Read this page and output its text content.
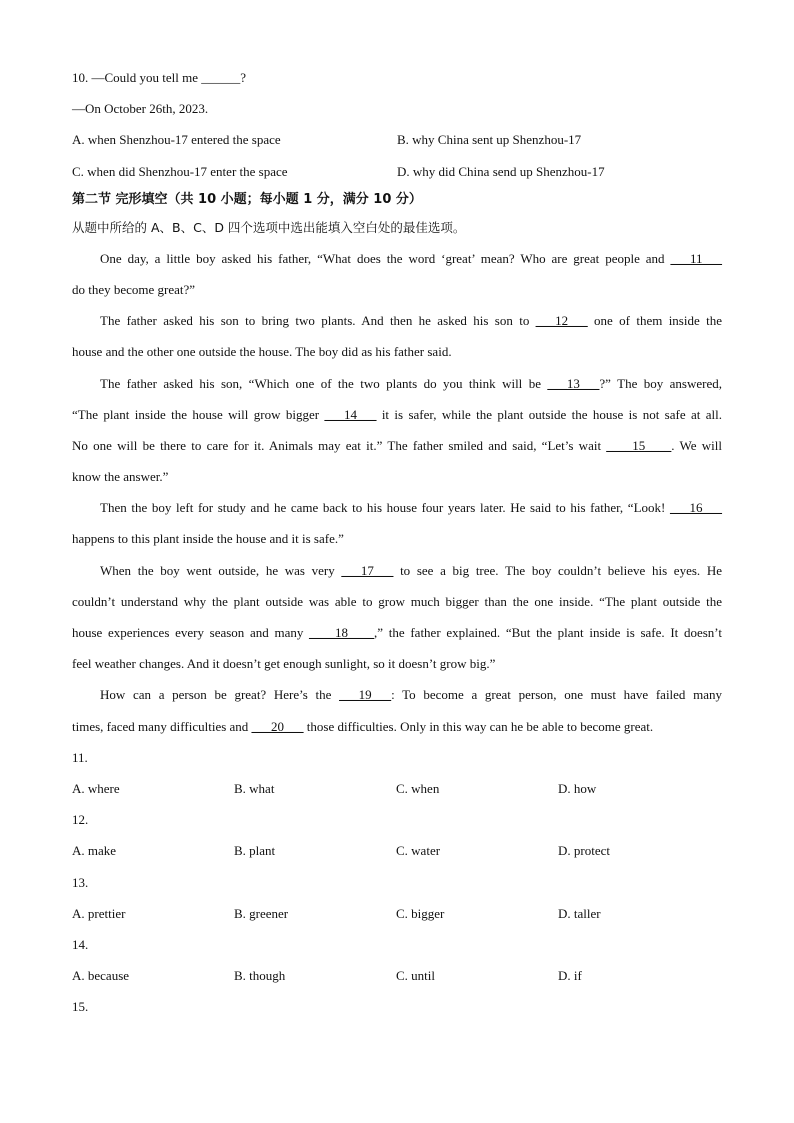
10. —Could you tell me ______?
—On October 26th, 2023.
A. when Shenzhou-17 entered the space	B. why China sent up Shenzhou-17
C. when did Shenzhou-17 enter the space	D. why did China send up Shenzhou-17
第二节 完形填空（共 10 小题；每小题 1 分，满分 10 分）
从题中所给的 A、B、C、D 四个选项中选出能填入空白处的最佳选项。
One day, a little boy asked his father, “What does the word ‘great’ mean? Who are great people and ___11___
do they become great?”
The father asked his son to bring two plants. And then he asked his son to ___12___ one of them inside the
house and the other one outside the house. The boy did as his father said.
The father asked his son, “Which one of the two plants do you think will be ___13___?” The boy answered,
“The plant inside the house will grow bigger ___14___ it is safer, while the plant outside the house is not safe at all.
No one will be there to care for it. Animals may eat it.” The father smiled and said, “Let’s wait ____15____. We will
know the answer.”
Then the boy left for study and he came back to his house four years later. He said to his father, “Look! ___16___
happens to this plant inside the house and it is safe.”
When the boy went outside, he was very ___17___ to see a big tree. The boy couldn’t believe his eyes. He
couldn’t understand why the plant outside was able to grow much bigger than the one inside. “The plant outside the
house experiences every season and many ____18____,” the father explained. “But the plant inside is safe. It doesn’t
feel weather changes. And it doesn’t get enough sunlight, so it doesn’t grow big.”
How can a person be great? Here’s the ___19___: To become a great person, one must have failed many
times, faced many difficulties and ___20___ those difficulties. Only in this way can he be able to become great.
11.
A. where	B. what	C. when	D. how
12.
A. make	B. plant	C. water	D. protect
13.
A. prettier	B. greener	C. bigger	D. taller
14.
A. because	B. though	C. until	D. if
15.
